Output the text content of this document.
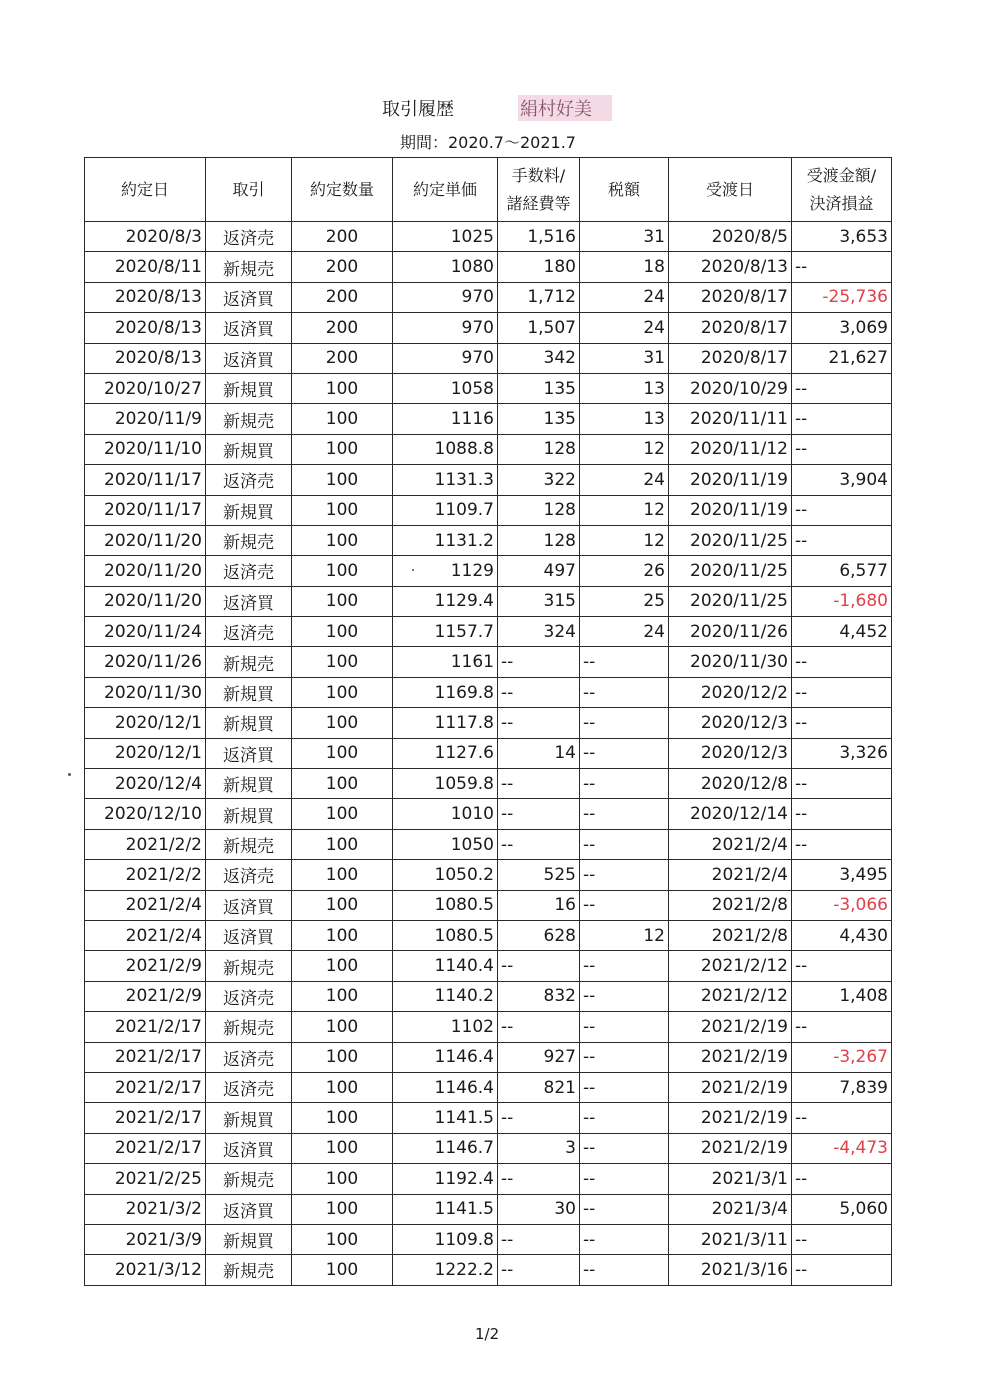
取引履歴	絹村好美
期間：2020.7〜2021.7
約定日	取引	約定数量	約定単価	手数料/
諸経費等	税額	受渡日	受渡金額/
決済損益
2020/8/3	返済売	200	1025	1,516	31	2020/8/5	3,653
2020/8/11	新規売	200	1080	180	18	2020/8/13	--
2020/8/13	返済買	200	970	1,712	24	2020/8/17	-25,736
2020/8/13	返済買	200	970	1,507	24	2020/8/17	3,069
2020/8/13	返済買	200	970	342	31	2020/8/17	21,627
2020/10/27	新規買	100	1058	135	13	2020/10/29	--
2020/11/9	新規売	100	1116	135	13	2020/11/11	--
2020/11/10	新規買	100	1088.8	128	12	2020/11/12	--
2020/11/17	返済売	100	1131.3	322	24	2020/11/19	3,904
2020/11/17	新規買	100	1109.7	128	12	2020/11/19	--
2020/11/20	新規売	100	1131.2	128	12	2020/11/25	--
2020/11/20	返済売	100	1129	497	26	2020/11/25	6,577
2020/11/20	返済買	100	1129.4	315	25	2020/11/25	-1,680
2020/11/24	返済売	100	1157.7	324	24	2020/11/26	4,452
2020/11/26	新規売	100	1161	--	--	2020/11/30	--
2020/11/30	新規買	100	1169.8	--	--	2020/12/2	--
2020/12/1	新規買	100	1117.8	--	--	2020/12/3	--
2020/12/1	返済買	100	1127.6	14	--	2020/12/3	3,326
2020/12/4	新規買	100	1059.8	--	--	2020/12/8	--
2020/12/10	新規買	100	1010	--	--	2020/12/14	--
2021/2/2	新規売	100	1050	--	--	2021/2/4	--
2021/2/2	返済売	100	1050.2	525	--	2021/2/4	3,495
2021/2/4	返済買	100	1080.5	16	--	2021/2/8	-3,066
2021/2/4	返済買	100	1080.5	628	12	2021/2/8	4,430
2021/2/9	新規売	100	1140.4	--	--	2021/2/12	--
2021/2/9	返済売	100	1140.2	832	--	2021/2/12	1,408
2021/2/17	新規売	100	1102	--	--	2021/2/19	--
2021/2/17	返済売	100	1146.4	927	--	2021/2/19	-3,267
2021/2/17	返済売	100	1146.4	821	--	2021/2/19	7,839
2021/2/17	新規買	100	1141.5	--	--	2021/2/19	--
2021/2/17	返済買	100	1146.7	3	--	2021/2/19	-4,473
2021/2/25	新規売	100	1192.4	--	--	2021/3/1	--
2021/3/2	返済買	100	1141.5	30	--	2021/3/4	5,060
2021/3/9	新規買	100	1109.8	--	--	2021/3/11	--
2021/3/12	新規売	100	1222.2	--	--	2021/3/16	--
1/2
